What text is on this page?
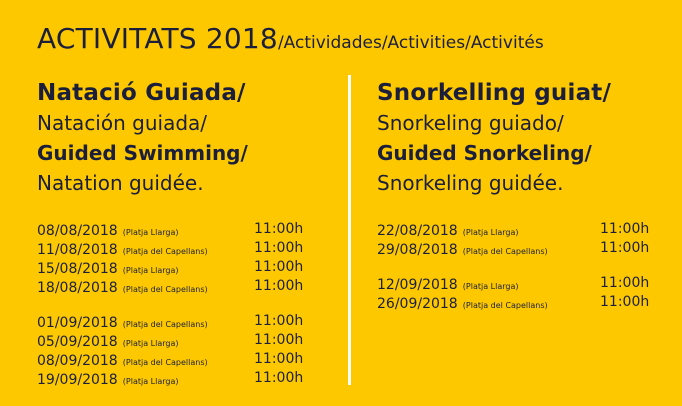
ACTIVITATS 2018/Actividades/Activities/Activités
Natació Guiada/
Natación guiada/
Guided Swimming/
Natation guidée.
08/08/2018 (Platja Llarga)	11:00h
11/08/2018 (Platja del Capellans)	11:00h
15/08/2018 (Platja Llarga)	11:00h
18/08/2018 (Platja del Capellans)	11:00h
01/09/2018 (Platja del Capellans)	11:00h
05/09/2018 (Platja Llarga)	11:00h
08/09/2018 (Platja del Capellans)	11:00h
19/09/2018 (Platja Llarga)	11:00h
Snorkelling guiat/
Snorkeling guiado/
Guided Snorkeling/
Snorkeling guidée.
22/08/2018 (Platja Llarga)	11:00h
29/08/2018 (Platja del Capellans)	11:00h
12/09/2018 (Platja Llarga)	11:00h
26/09/2018 (Platja del Capellans)	11:00h
